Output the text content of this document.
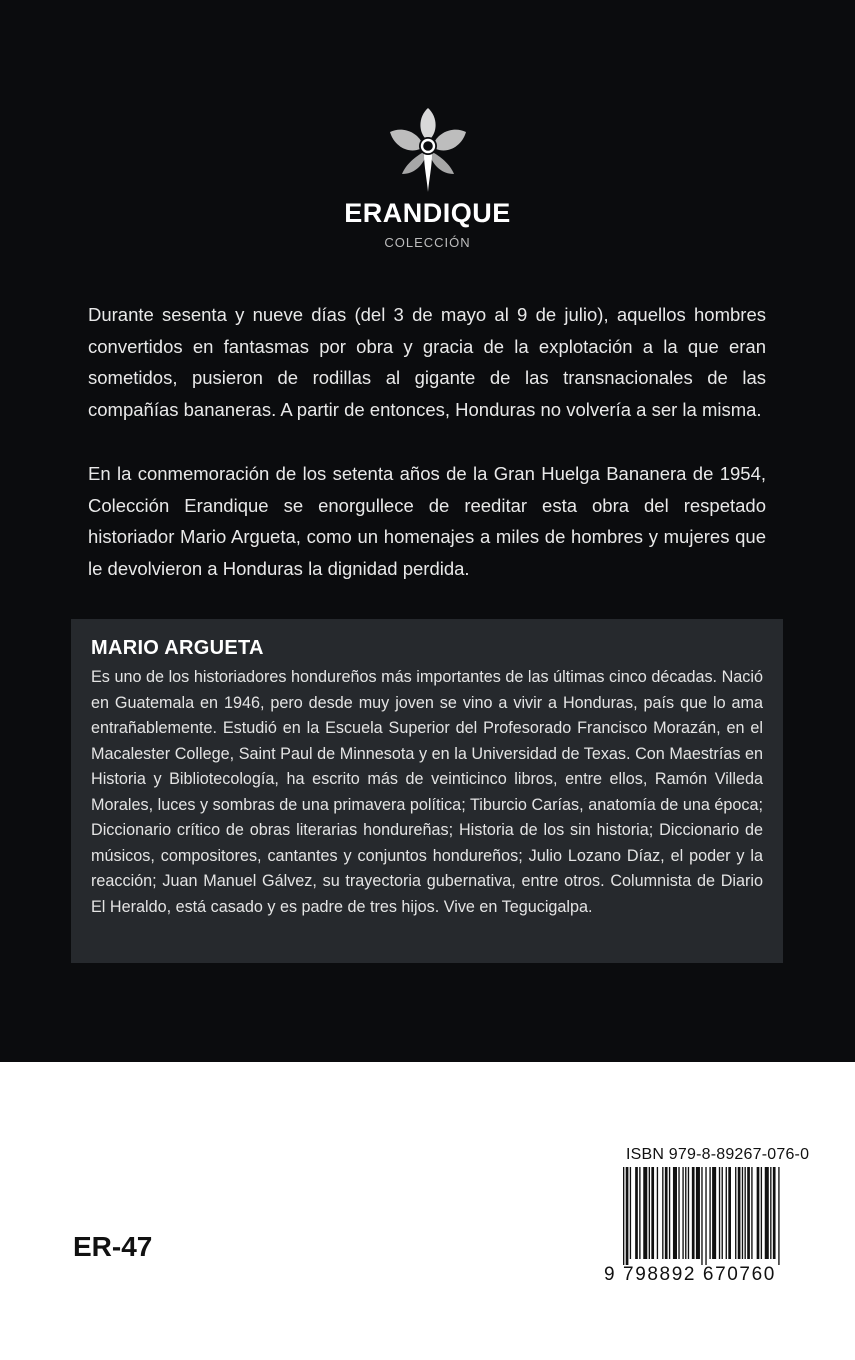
ERANDIQUE
COLECCIÓN

Durante sesenta y nueve días (del 3 de mayo al 9 de julio), aquellos hombres convertidos en fantasmas por obra y gracia de la explotación a la que eran sometidos, pusieron de rodillas al gigante de las transnacionales de las compañías bananeras. A partir de entonces, Honduras no volvería a ser la misma.

En la conmemoración de los setenta años de la Gran Huelga Bananera de 1954, Colección Erandique se enorgullece de reeditar esta obra del respetado historiador Mario Argueta, como un homenajes a miles de hombres y mujeres que le devolvieron a Honduras la dignidad perdida.

MARIO ARGUETA

Es uno de los historiadores hondureños más importantes de las últimas cinco décadas. Nació en Guatemala en 1946, pero desde muy joven se vino a vivir a Honduras, país que lo ama entrañablemente. Estudió en la Escuela Superior del Profesorado Francisco Morazán, en el Macalester College, Saint Paul de Minnesota y en la Universidad de Texas. Con Maestrías en Historia y Bibliotecología, ha escrito más de veinticinco libros, entre ellos, Ramón Villeda Morales, luces y sombras de una primavera política; Tiburcio Carías, anatomía de una época; Diccionario crítico de obras literarias hondureñas; Historia de los sin historia; Diccionario de músicos, compositores, cantantes y conjuntos hondureños; Julio Lozano Díaz, el poder y la reacción; Juan Manuel Gálvez, su trayectoria gubernativa, entre otros. Columnista de Diario El Heraldo, está casado y es padre de tres hijos. Vive en Tegucigalpa.

ER-47
ISBN 979-8-89267-076-0
9 798892 670760
